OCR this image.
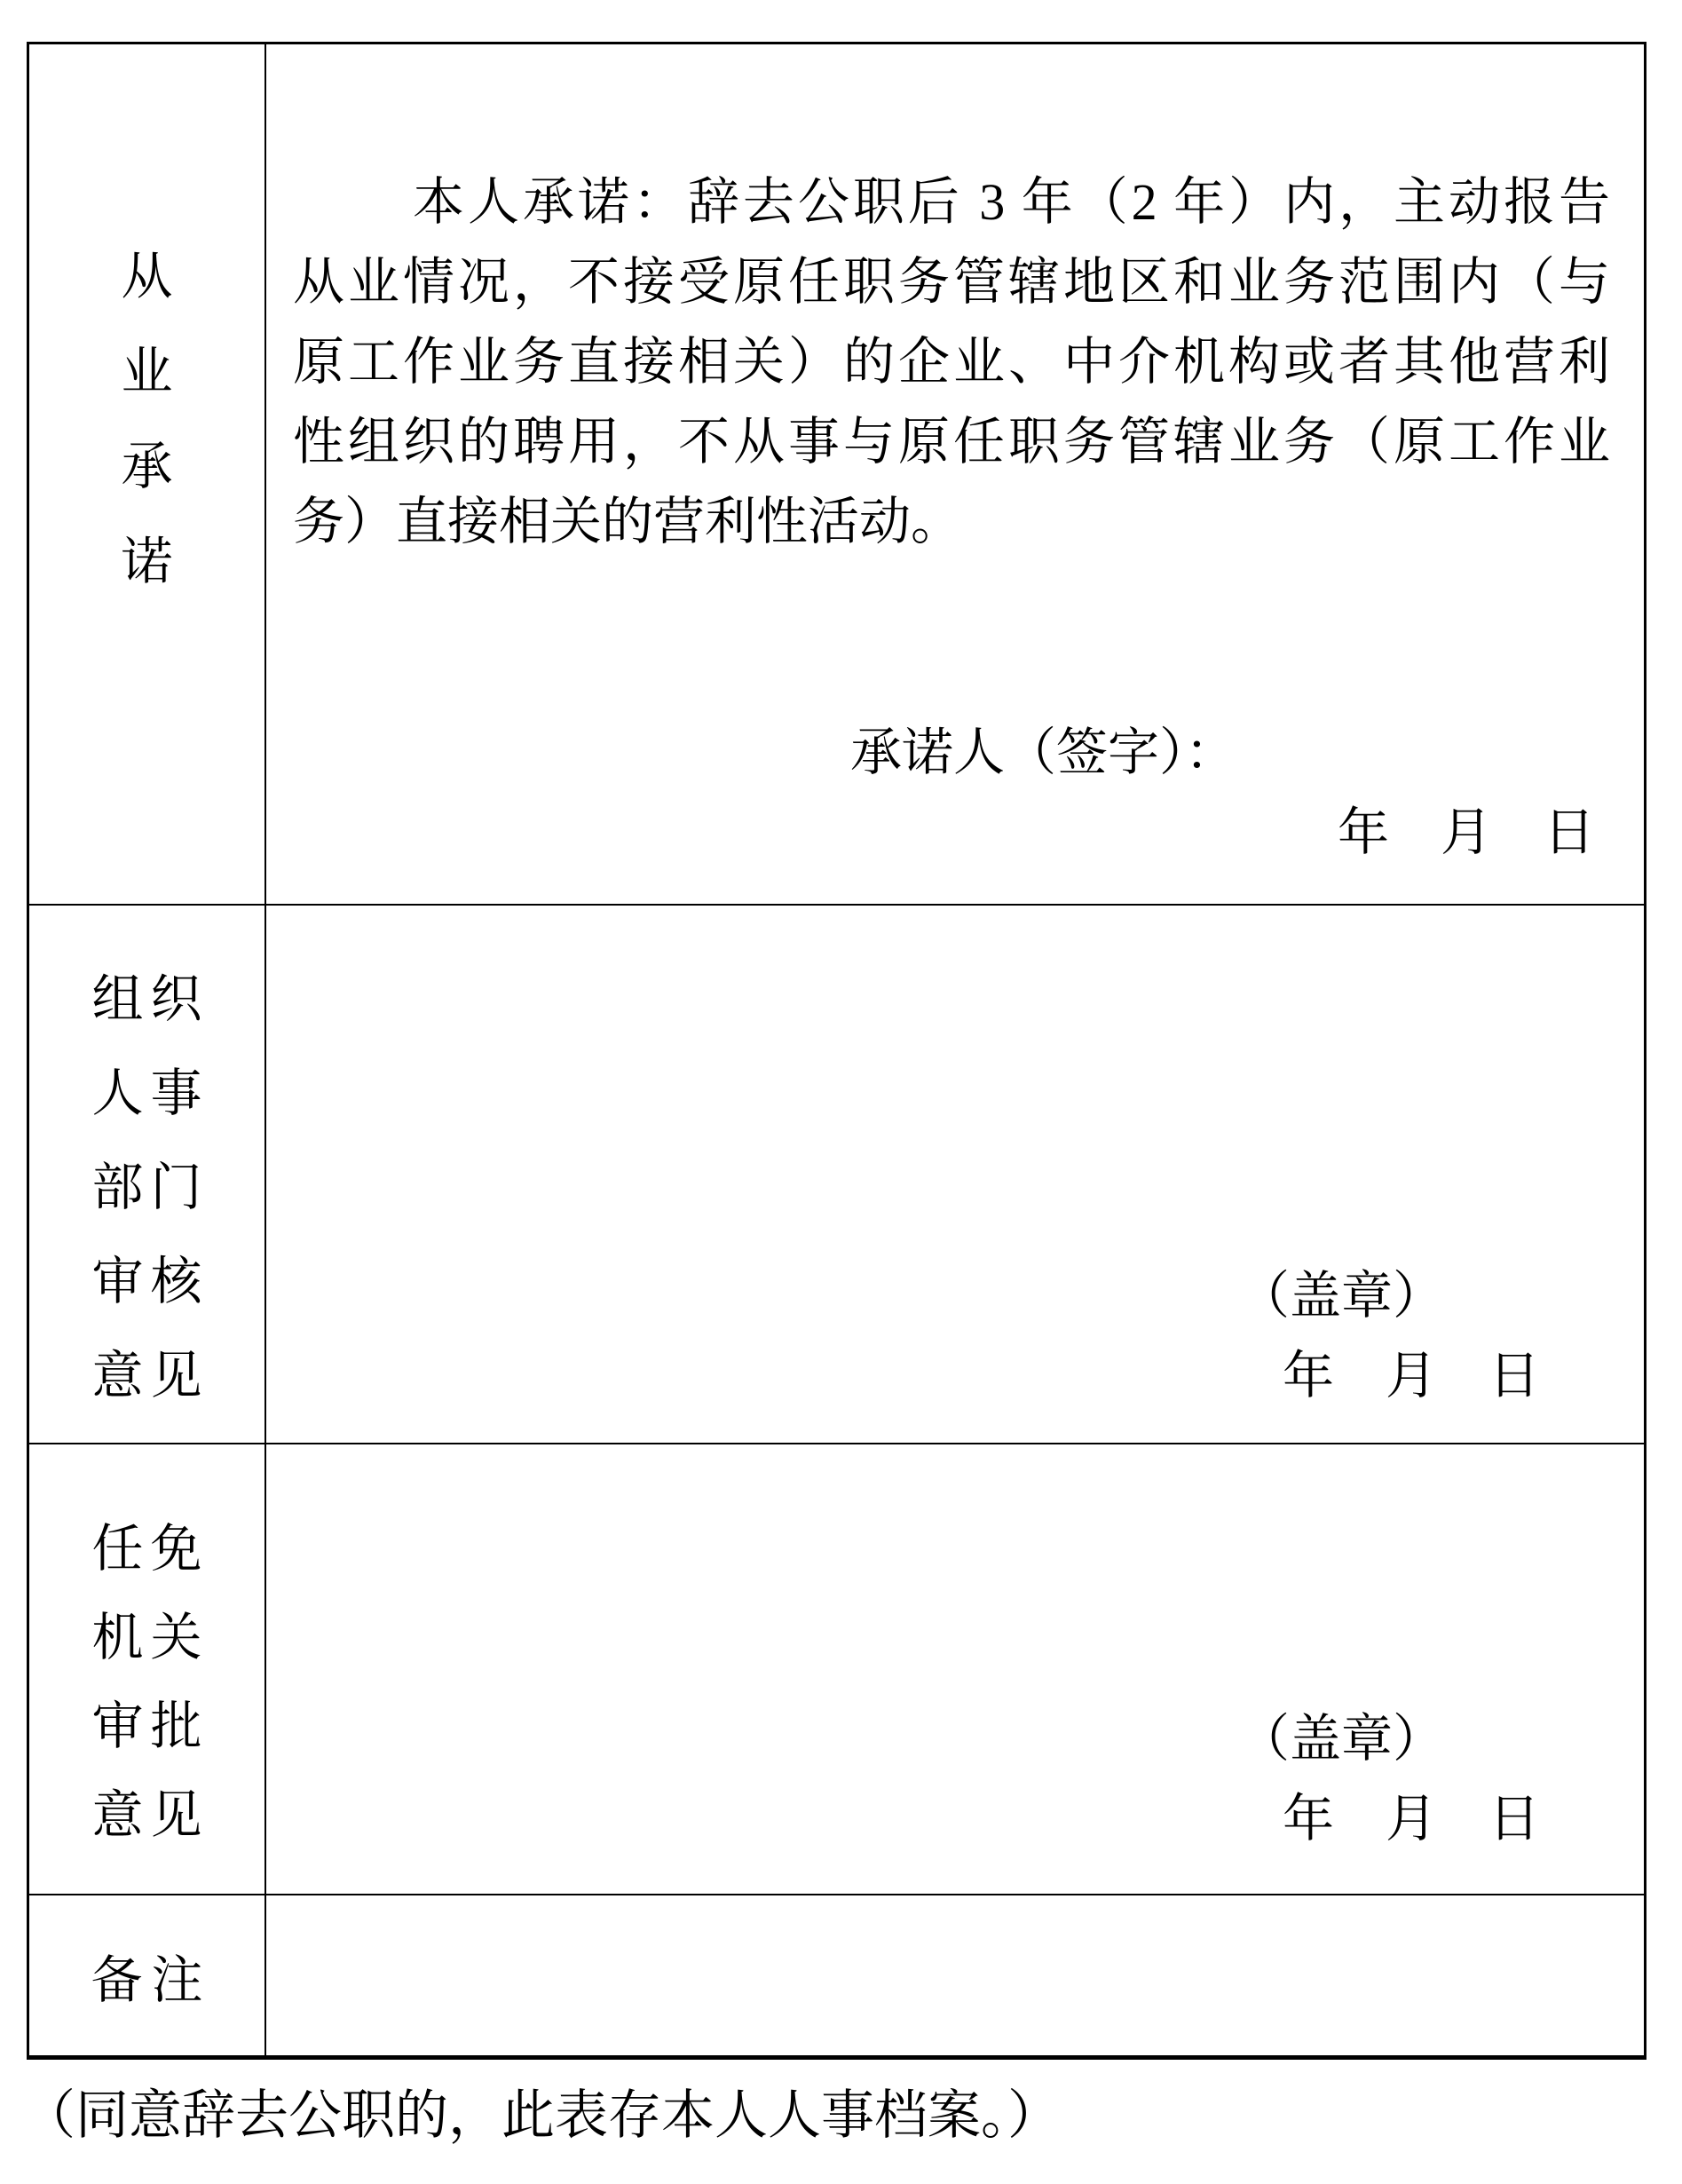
从
业
承
诺
本人承诺：辞去公职后 3 年（2 年）内，主动报告
从业情况，不接受原任职务管辖地区和业务范围内（与
原工作业务直接相关）的企业、中介机构或者其他营利
性组织的聘用，不从事与原任职务管辖业务（原工作业
务）直接相关的营利性活动。
承诺人（签字）：
年　月　日
组织
人事
部门
审核
意见
（盖章）
年　月　日
任免
机关
审批
意见
（盖章）
年　月　日
备注
（同意辞去公职的，此表存本人人事档案。）
